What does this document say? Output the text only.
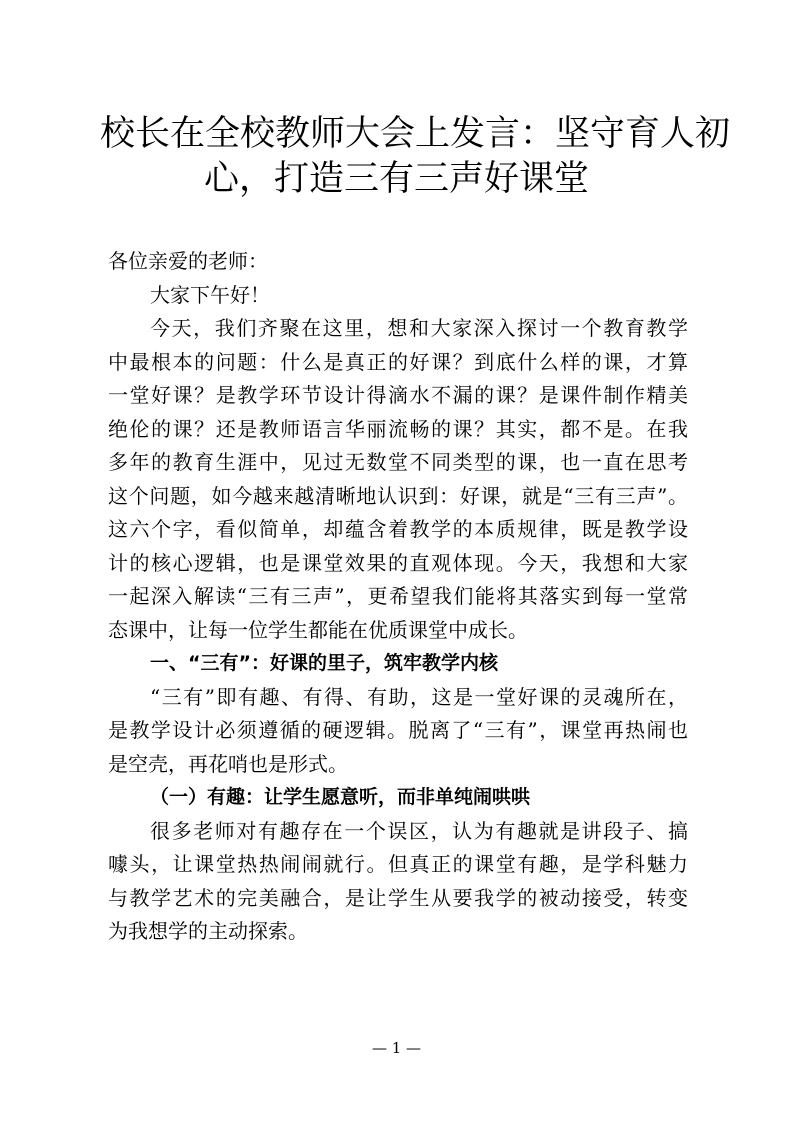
校长在全校教师大会上发言：坚守育人初
心，打造三有三声好课堂
各位亲爱的老师：
大家下午好！
今天，我们齐聚在这里，想和大家深入探讨一个教育教学
中最根本的问题：什么是真正的好课？到底什么样的课，才算
一堂好课？是教学环节设计得滴水不漏的课？是课件制作精美
绝伦的课？还是教师语言华丽流畅的课？其实，都不是。在我
多年的教育生涯中，见过无数堂不同类型的课，也一直在思考
这个问题，如今越来越清晰地认识到：好课，就是“三有三声”。
这六个字，看似简单，却蕴含着教学的本质规律，既是教学设
计的核心逻辑，也是课堂效果的直观体现。今天，我想和大家
一起深入解读“三有三声”，更希望我们能将其落实到每一堂常
态课中，让每一位学生都能在优质课堂中成长。
一、“三有”：好课的里子，筑牢教学内核
“三有”即有趣、有得、有助，这是一堂好课的灵魂所在，
是教学设计必须遵循的硬逻辑。脱离了“三有”，课堂再热闹也
是空壳，再花哨也是形式。
（一）有趣：让学生愿意听，而非单纯闹哄哄
很多老师对有趣存在一个误区，认为有趣就是讲段子、搞
噱头，让课堂热热闹闹就行。但真正的课堂有趣，是学科魅力
与教学艺术的完美融合，是让学生从要我学的被动接受，转变
为我想学的主动探索。
— 1 —
